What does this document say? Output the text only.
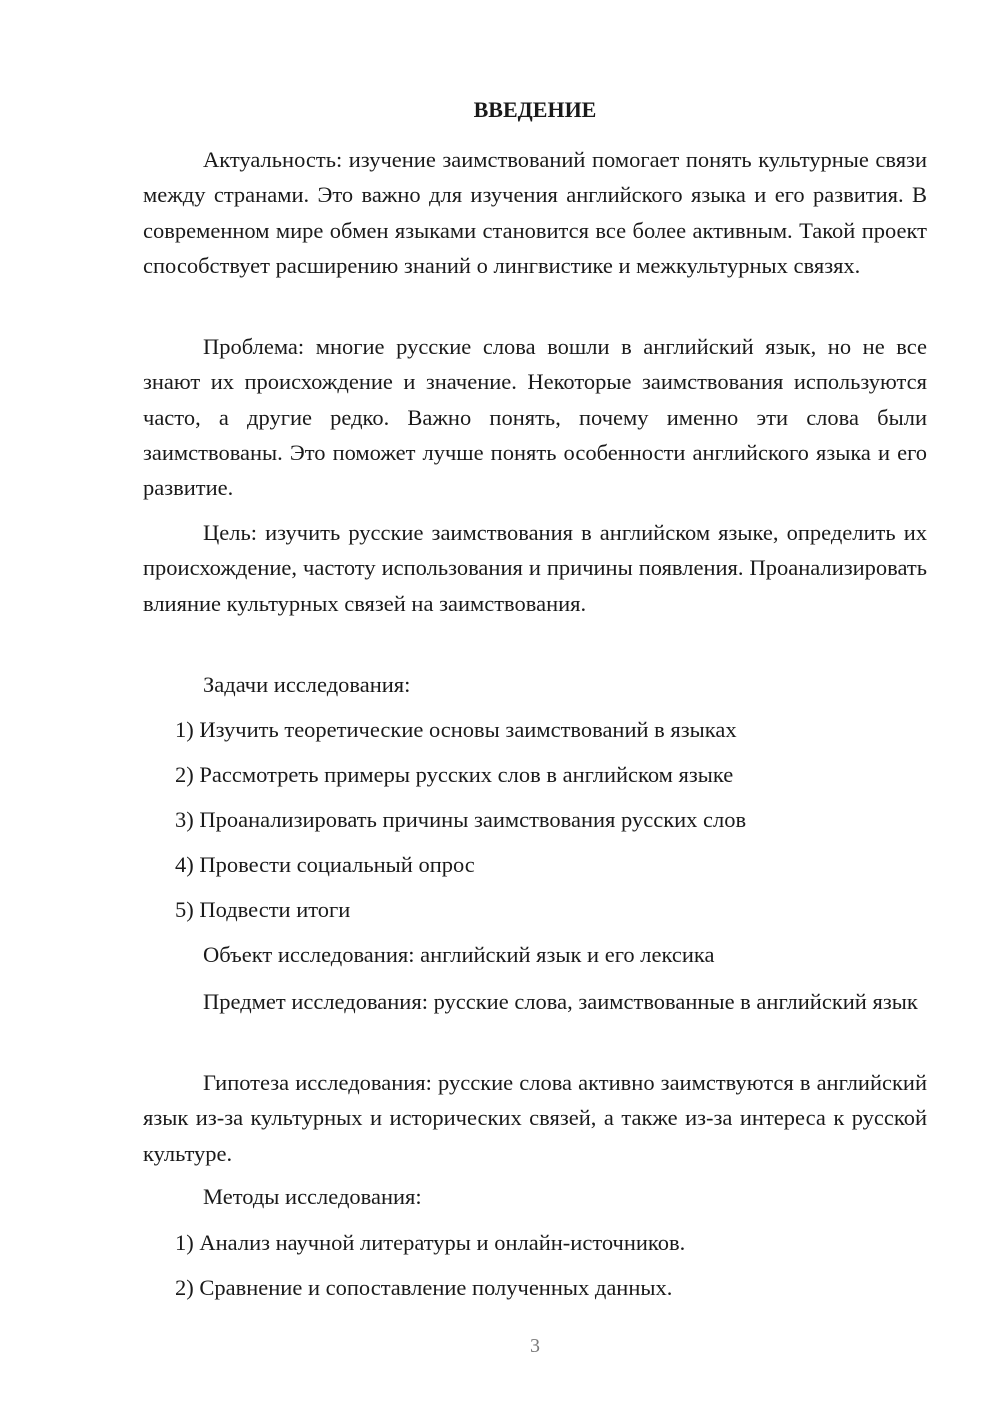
ВВЕДЕНИЕ
Актуальность: изучение заимствований помогает понять культурные связи между странами. Это важно для изучения английского языка и его развития. В современном мире обмен языками становится все более активным. Такой проект способствует расширению знаний о лингвистике и межкультурных связях.
Проблема: многие русские слова вошли в английский язык, но не все знают их происхождение и значение. Некоторые заимствования используются часто, а другие редко. Важно понять, почему именно эти слова были заимствованы. Это поможет лучше понять особенности английского языка и его развитие.
Цель: изучить русские заимствования в английском языке, определить их происхождение, частоту использования и причины появления. Проанализировать влияние культурных связей на заимствования.
Задачи исследования:
1) Изучить теоретические основы заимствований в языках
2) Рассмотреть примеры русских слов в английском языке
3) Проанализировать причины заимствования русских слов
4) Провести социальный опрос
5) Подвести итоги
Объект исследования: английский язык и его лексика
Предмет исследования: русские слова, заимствованные в английский язык
Гипотеза исследования: русские слова активно заимствуются в английский язык из-за культурных и исторических связей, а также из-за интереса к русской культуре.
Методы исследования:
1) Анализ научной литературы и онлайн-источников.
2) Сравнение и сопоставление полученных данных.
3
